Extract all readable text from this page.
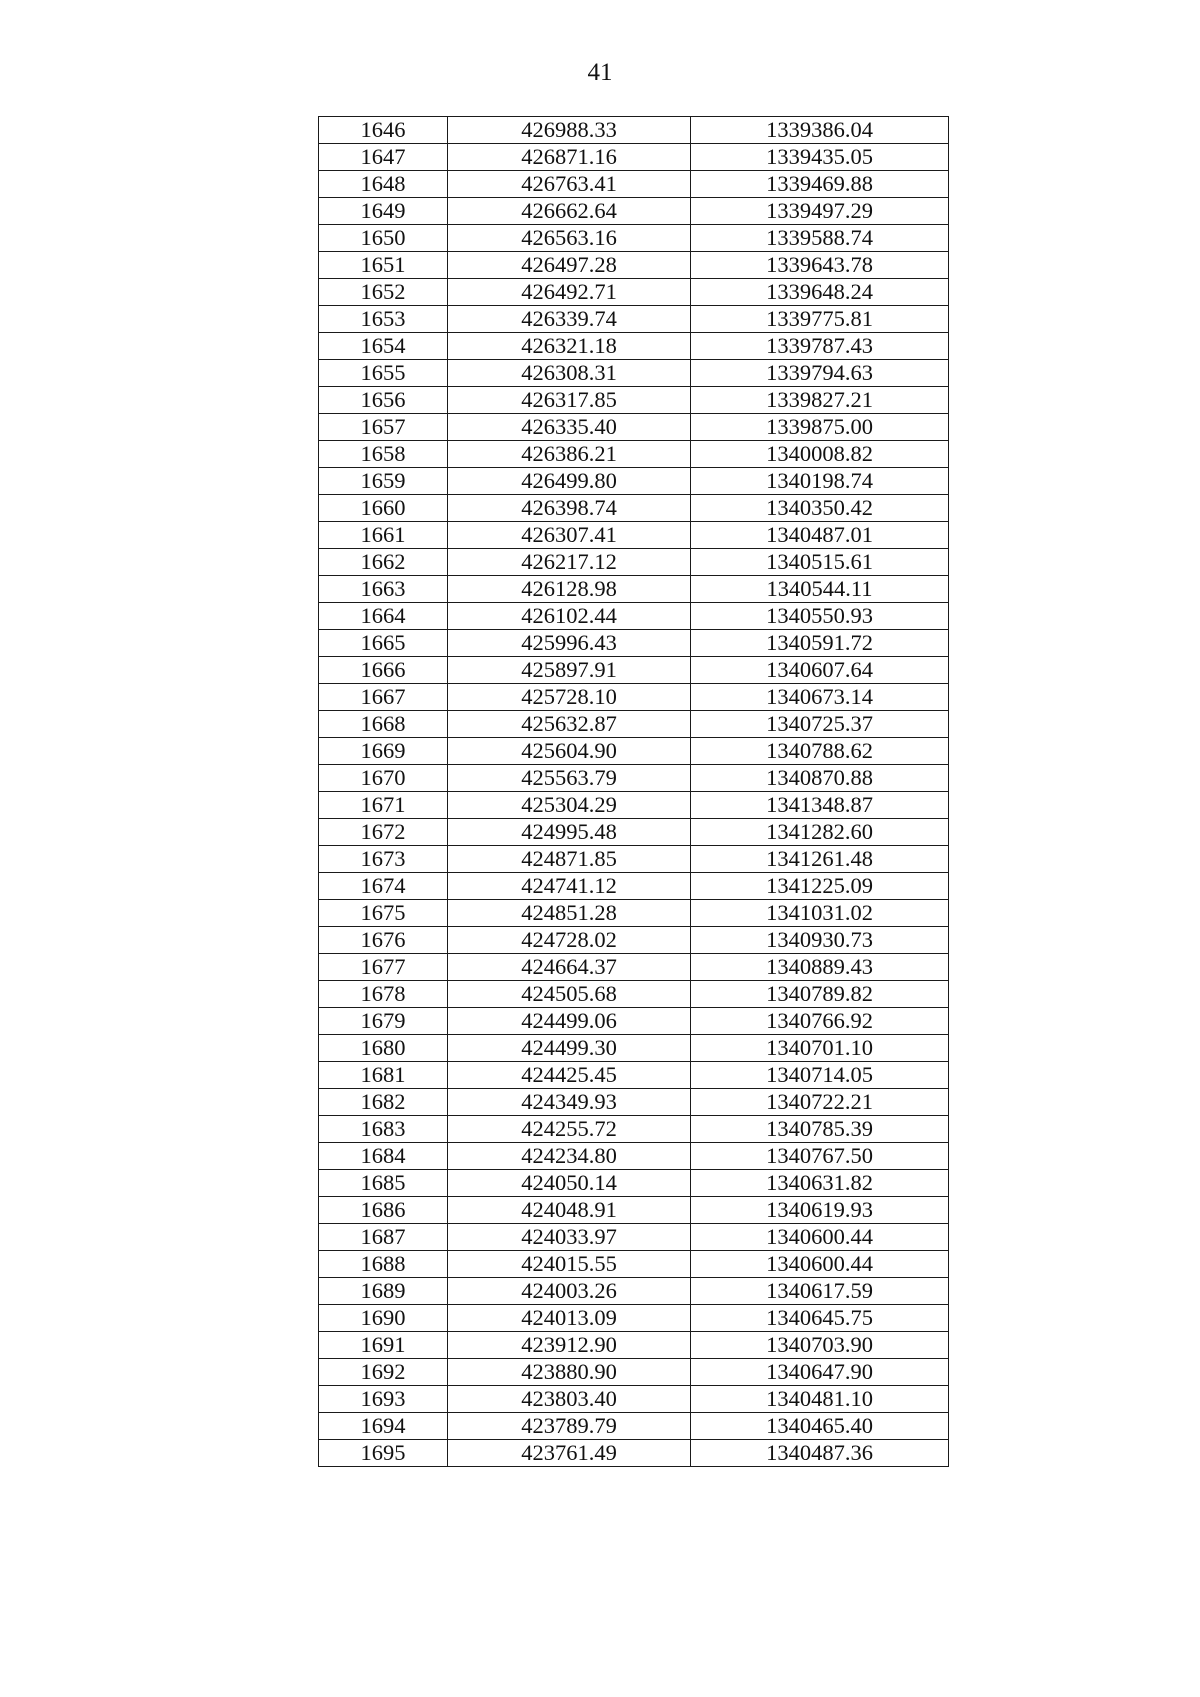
41
1646	426988.33	1339386.04
1647	426871.16	1339435.05
1648	426763.41	1339469.88
1649	426662.64	1339497.29
1650	426563.16	1339588.74
1651	426497.28	1339643.78
1652	426492.71	1339648.24
1653	426339.74	1339775.81
1654	426321.18	1339787.43
1655	426308.31	1339794.63
1656	426317.85	1339827.21
1657	426335.40	1339875.00
1658	426386.21	1340008.82
1659	426499.80	1340198.74
1660	426398.74	1340350.42
1661	426307.41	1340487.01
1662	426217.12	1340515.61
1663	426128.98	1340544.11
1664	426102.44	1340550.93
1665	425996.43	1340591.72
1666	425897.91	1340607.64
1667	425728.10	1340673.14
1668	425632.87	1340725.37
1669	425604.90	1340788.62
1670	425563.79	1340870.88
1671	425304.29	1341348.87
1672	424995.48	1341282.60
1673	424871.85	1341261.48
1674	424741.12	1341225.09
1675	424851.28	1341031.02
1676	424728.02	1340930.73
1677	424664.37	1340889.43
1678	424505.68	1340789.82
1679	424499.06	1340766.92
1680	424499.30	1340701.10
1681	424425.45	1340714.05
1682	424349.93	1340722.21
1683	424255.72	1340785.39
1684	424234.80	1340767.50
1685	424050.14	1340631.82
1686	424048.91	1340619.93
1687	424033.97	1340600.44
1688	424015.55	1340600.44
1689	424003.26	1340617.59
1690	424013.09	1340645.75
1691	423912.90	1340703.90
1692	423880.90	1340647.90
1693	423803.40	1340481.10
1694	423789.79	1340465.40
1695	423761.49	1340487.36
